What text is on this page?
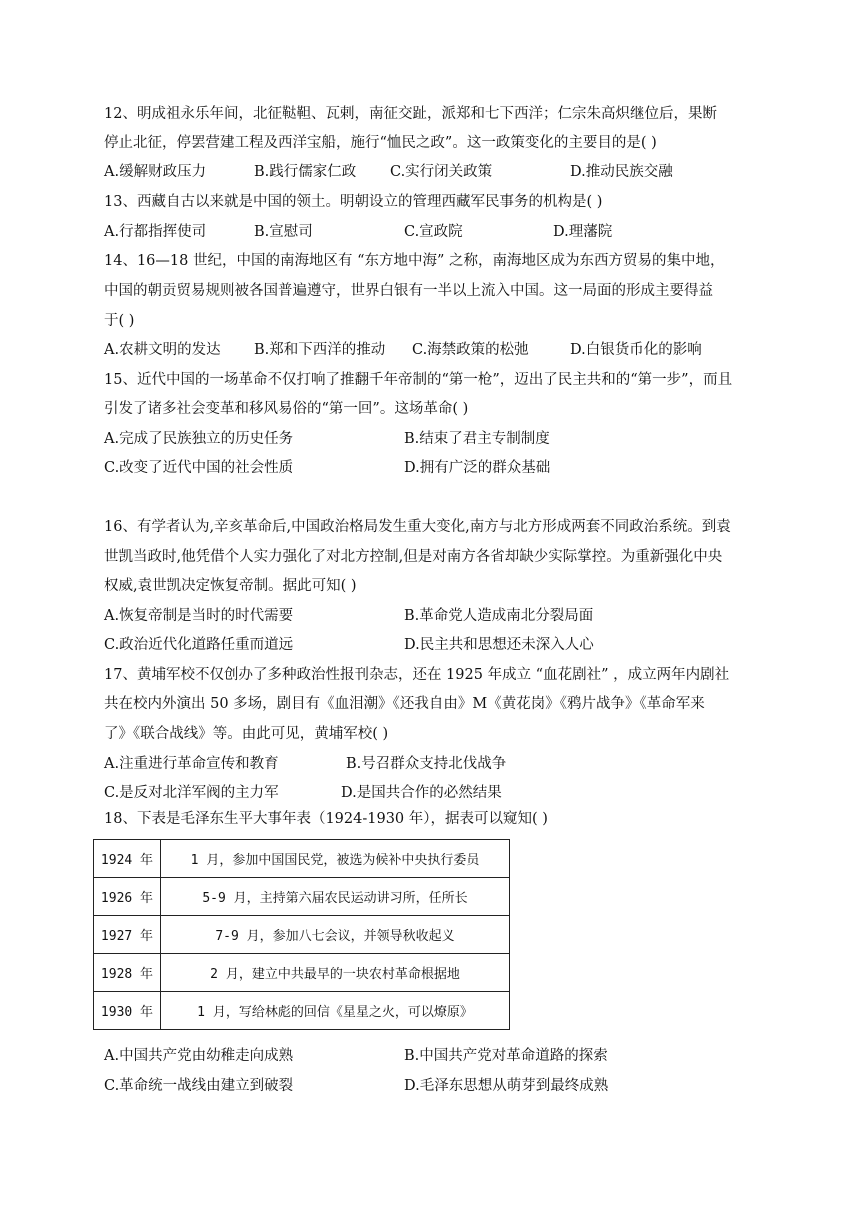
12、明成祖永乐年间，北征鞑靼、瓦剌，南征交趾，派郑和七下西洋；仁宗朱高炽继位后，果断
停止北征，停罢营建工程及西洋宝船，施行“恤民之政”。这一政策变化的主要目的是( )
A.缓解财政压力	B.践行儒家仁政 C.实行闭关政策	D.推动民族交融
13、西藏自古以来就是中国的领土。明朝设立的管理西藏军民事务的机构是( )
A.行都指挥使司	B.宣慰司	C.宣政院	D.理藩院
14、16—18 世纪，中国的南海地区有 “东方地中海” 之称，南海地区成为东西方贸易的集中地，
中国的朝贡贸易规则被各国普遍遵守，世界白银有一半以上流入中国。这一局面的形成主要得益
于( )
A.农耕文明的发达 B.郑和下西洋的推动 C.海禁政策的松弛	D.白银货币化的影响
15、近代中国的一场革命不仅打响了推翻千年帝制的“第一枪”，迈出了民主共和的“第一步”，而且
引发了诸多社会变革和移风易俗的“第一回”。这场革命( )
A.完成了民族独立的历史任务	B.结束了君主专制制度
C.改变了近代中国的社会性质	D.拥有广泛的群众基础
16、有学者认为,辛亥革命后,中国政治格局发生重大变化,南方与北方形成两套不同政治系统。到袁
世凯当政时,他凭借个人实力强化了对北方控制,但是对南方各省却缺少实际掌控。为重新强化中央
权威,袁世凯决定恢复帝制。据此可知( )
A.恢复帝制是当时的时代需要	B.革命党人造成南北分裂局面
C.政治近代化道路任重而道远	D.民主共和思想还未深入人心
17、黄埔军校不仅创办了多种政治性报刊杂志，还在 1925 年成立 “血花剧社” ，成立两年内剧社
共在校内外演出 50 多场，剧目有《血泪潮》《还我自由》M《黄花岗》《鸦片战争》《革命军来
了》《联合战线》等。由此可见，黄埔军校( )
A.注重进行革命宣传和教育	B.号召群众支持北伐战争
C.是反对北洋军阀的主力军	D.是国共合作的必然结果
18、下表是毛泽东生平大事年表（1924-1930 年），据表可以窥知( )
1924 年	1 月，参加中国国民党，被选为候补中央执行委员
1926 年	5-9 月，主持第六届农民运动讲习所，任所长
1927 年	7-9 月，参加八七会议，并领导秋收起义
1928 年	2 月，建立中共最早的一块农村革命根据地
1930 年	1 月，写给林彪的回信《星星之火，可以燎原》
A.中国共产党由幼稚走向成熟	B.中国共产党对革命道路的探索
C.革命统一战线由建立到破裂	D.毛泽东思想从萌芽到最终成熟
